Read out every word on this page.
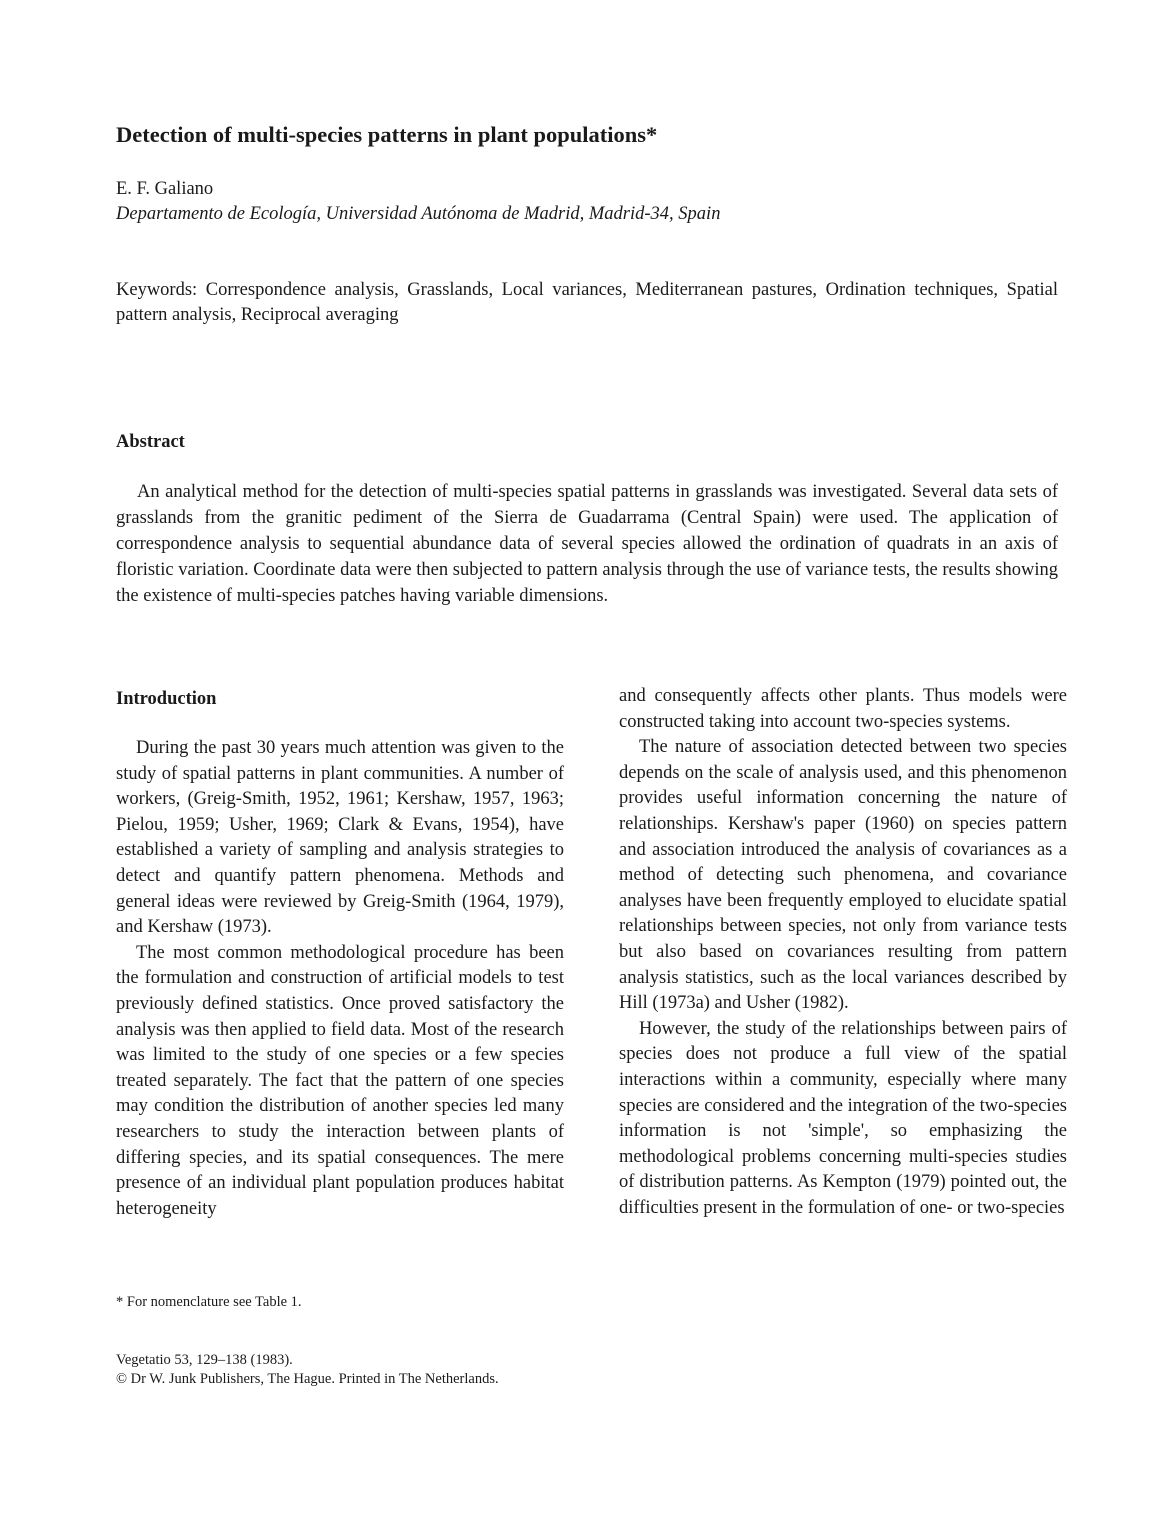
Detection of multi-species patterns in plant populations*
E. F. Galiano
Departamento de Ecología, Universidad Autónoma de Madrid, Madrid-34, Spain
Keywords: Correspondence analysis, Grasslands, Local variances, Mediterranean pastures, Ordination techniques, Spatial pattern analysis, Reciprocal averaging
Abstract
An analytical method for the detection of multi-species spatial patterns in grasslands was investigated. Several data sets of grasslands from the granitic pediment of the Sierra de Guadarrama (Central Spain) were used. The application of correspondence analysis to sequential abundance data of several species allowed the ordination of quadrats in an axis of floristic variation. Coordinate data were then subjected to pattern analysis through the use of variance tests, the results showing the existence of multi-species patches having variable dimensions.
Introduction

During the past 30 years much attention was given to the study of spatial patterns in plant communities. A number of workers, (Greig-Smith, 1952, 1961; Kershaw, 1957, 1963; Pielou, 1959; Usher, 1969; Clark & Evans, 1954), have established a variety of sampling and analysis strategies to detect and quantify pattern phenomena. Methods and general ideas were reviewed by Greig-Smith (1964, 1979), and Kershaw (1973).

The most common methodological procedure has been the formulation and construction of artificial models to test previously defined statistics. Once proved satisfactory the analysis was then applied to field data. Most of the research was limited to the study of one species or a few species treated separately. The fact that the pattern of one species may condition the distribution of another species led many researchers to study the interaction between plants of differing species, and its spatial consequences. The mere presence of an individual plant population produces habitat heterogeneity

and consequently affects other plants. Thus models were constructed taking into account two-species systems.

The nature of association detected between two species depends on the scale of analysis used, and this phenomenon provides useful information concerning the nature of relationships. Kershaw's paper (1960) on species pattern and association introduced the analysis of covariances as a method of detecting such phenomena, and covariance analyses have been frequently employed to elucidate spatial relationships between species, not only from variance tests but also based on covariances resulting from pattern analysis statistics, such as the local variances described by Hill (1973a) and Usher (1982).

However, the study of the relationships between pairs of species does not produce a full view of the spatial interactions within a community, especially where many species are considered and the integration of the two-species information is not 'simple', so emphasizing the methodological problems concerning multi-species studies of distribution patterns. As Kempton (1979) pointed out, the difficulties present in the formulation of one- or two-species

* For nomenclature see Table 1.
Vegetatio 53, 129–138 (1983).
© Dr W. Junk Publishers, The Hague. Printed in The Netherlands.
